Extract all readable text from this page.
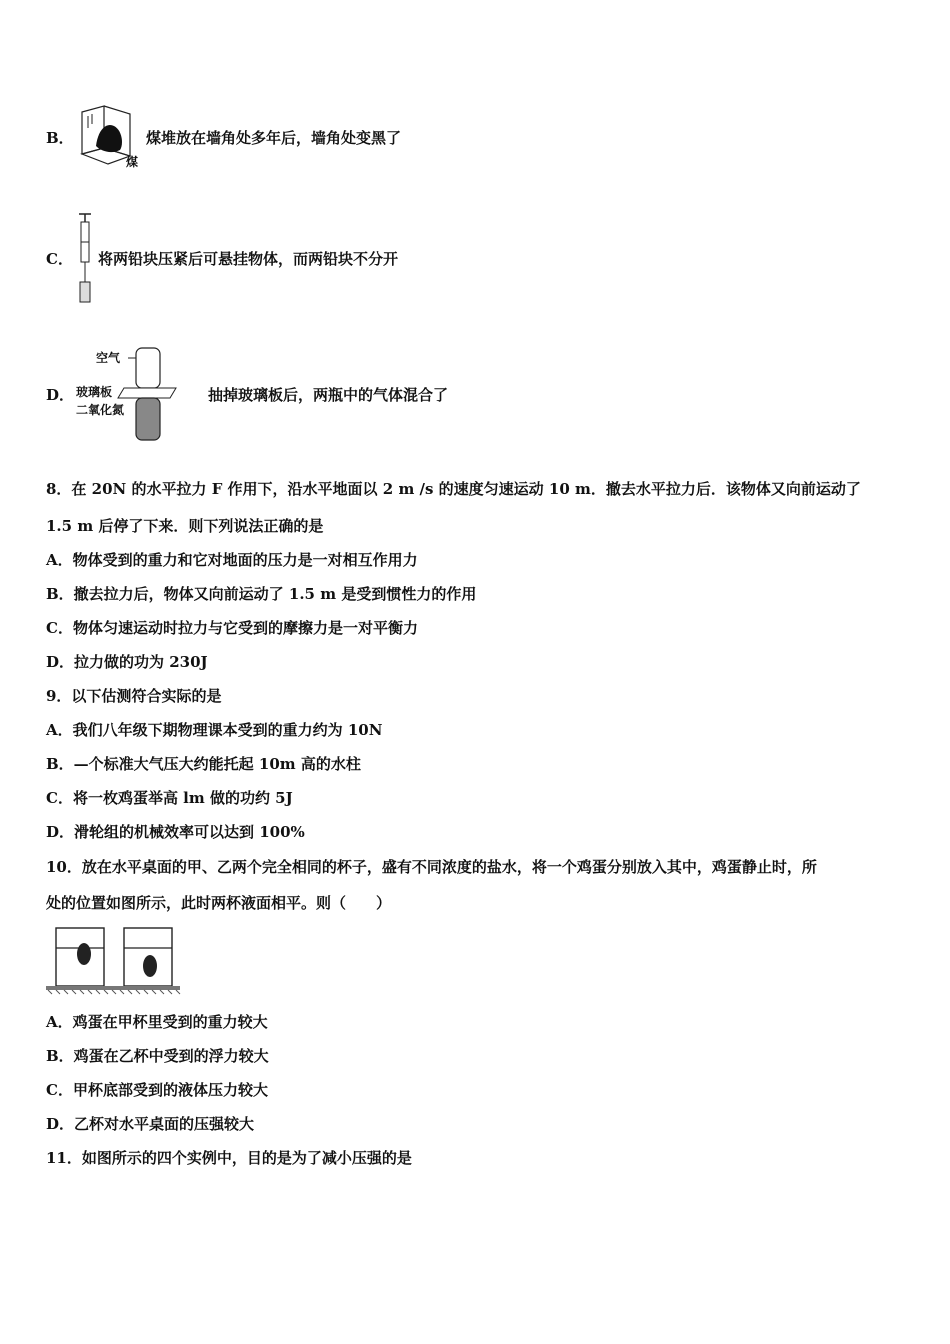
B．
煤
煤堆放在墙角处多年后，墙角处变黑了
C． 将两铅块压紧后可悬挂物体，而两铅块不分开
D．
空气
玻璃板
二氧化氮
抽掉玻璃板后，两瓶中的气体混合了
8．在 20N 的水平拉力 F 作用下，沿水平地面以 2 m /s 的速度匀速运动 10 m．撤去水平拉力后．该物体又向前运动了
1.5 m 后停了下来．则下列说法正确的是
A．物体受到的重力和它对地面的压力是一对相互作用力
B．撤去拉力后，物体又向前运动了 1.5 m 是受到惯性力的作用
C．物体匀速运动时拉力与它受到的摩擦力是一对平衡力
D．拉力做的功为 230J
9．以下估测符合实际的是
A．我们八年级下期物理课本受到的重力约为 10N
B．—个标准大气压大约能托起 10m 高的水柱
C．将一枚鸡蛋举高 lm 做的功约 5J
D．滑轮组的机械效率可以达到 100%
10．放在水平桌面的甲、乙两个完全相同的杯子，盛有不同浓度的盐水，将一个鸡蛋分别放入其中，鸡蛋静止时，所
处的位置如图所示，此时两杯液面相平。则（　　）
A．鸡蛋在甲杯里受到的重力较大
B．鸡蛋在乙杯中受到的浮力较大
C．甲杯底部受到的液体压力较大
D．乙杯对水平桌面的压强较大
11．如图所示的四个实例中，目的是为了减小压强的是
